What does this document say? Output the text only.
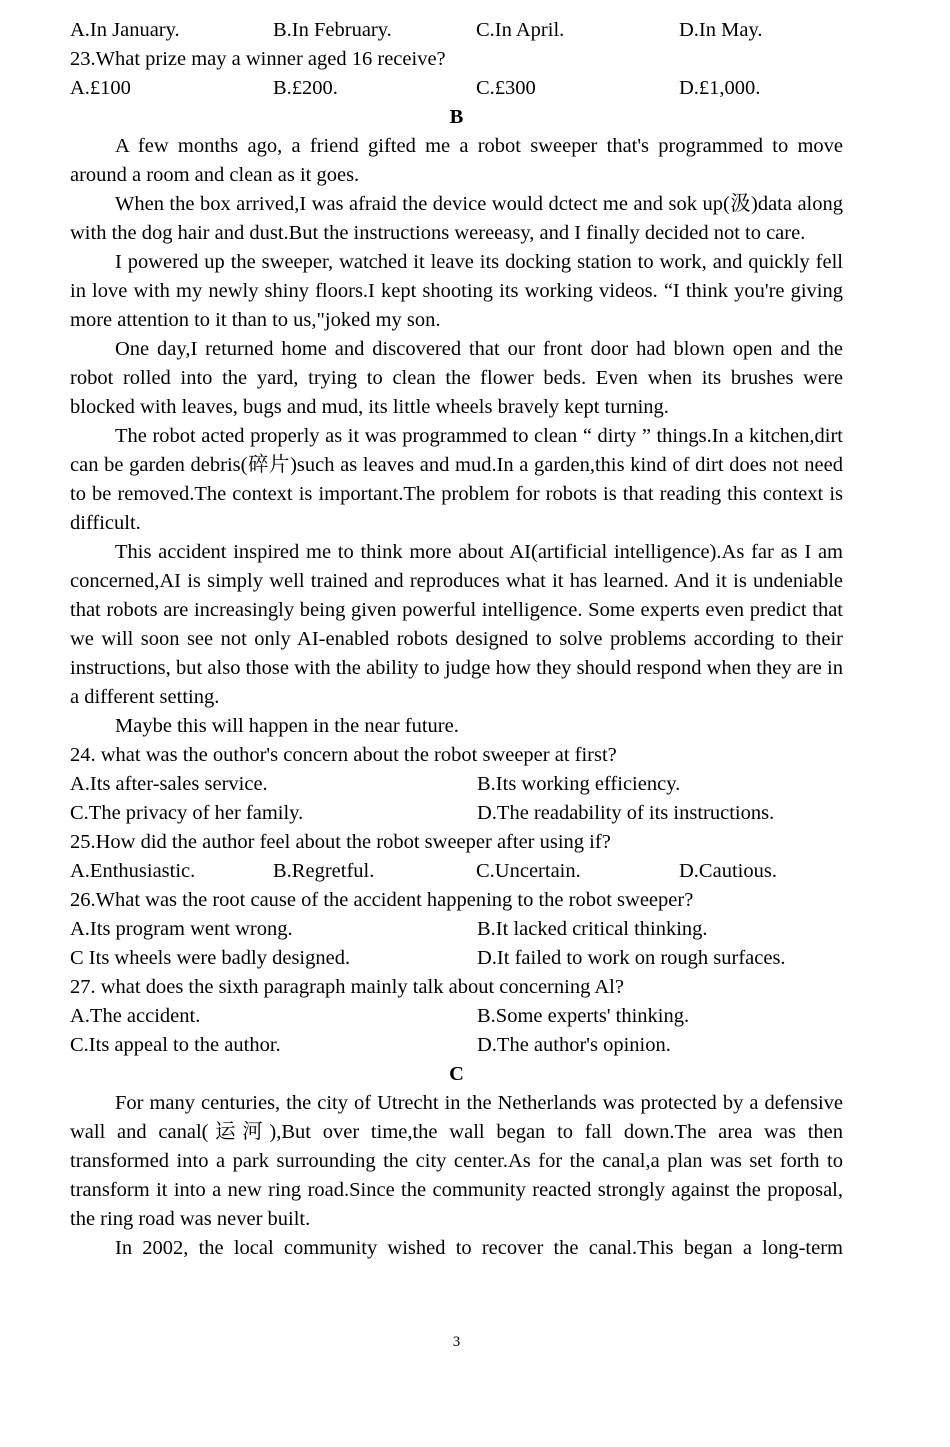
A.In January.	B.In February.	C.In April.	D.In May.
23.What prize may a winner aged 16 receive?
A.£100	B.£200.	C.£300	D.£1,000.
B

A few months ago, a friend gifted me a robot sweeper that's programmed to move around a room and clean as it goes.

When the box arrived,I was afraid the device would dctect me and sok up(汲)data along with the dog hair and dust.But the instructions wereeasy, and I finally decided not to care.

I powered up the sweeper, watched it leave its docking station to work, and quickly fell in love with my newly shiny floors.I kept shooting its working videos. “I think you're giving more attention to it than to us,"joked my son.

One day,I returned home and discovered that our front door had blown open and the robot rolled into the yard, trying to clean the flower beds. Even when its brushes were blocked with leaves, bugs and mud, its little wheels bravely kept turning.

The robot acted properly as it was programmed to clean “ dirty ” things.In a kitchen,dirt can be garden debris(碎片)such as leaves and mud.In a garden,this kind of dirt does not need to be removed.The context is important.The problem for robots is that reading this context is difficult.

This accident inspired me to think more about AI(artificial intelligence).As far as I am concerned,AI is simply well trained and reproduces what it has learned. And it is undeniable that robots are increasingly being given powerful intelligence. Some experts even predict that we will soon see not only AI-enabled robots designed to solve problems according to their instructions, but also those with the ability to judge how they should respond when they are in a different setting.

Maybe this will happen in the near future.

24. what was the outhor's concern about the robot sweeper at first?
A.Its after-sales service.	B.Its working efficiency.
C.The privacy of her family.	D.The readability of its instructions.
25.How did the author feel about the robot sweeper after using if?
A.Enthusiastic.	B.Regretful.	C.Uncertain.	D.Cautious.
26.What was the root cause of the accident happening to the robot sweeper?
A.Its program went wrong.	B.It lacked critical thinking.
C Its wheels were badly designed.	D.It failed to work on rough surfaces.
27. what does the sixth paragraph mainly talk about concerning Al?
A.The accident.	B.Some experts' thinking.
C.Its appeal to the author.	D.The author's opinion.
C

For many centuries, the city of Utrecht in the Netherlands was protected by a defensive wall and canal(运河),But over time,the wall began to fall down.The area was then transformed into a park surrounding the city center.As for the canal,a plan was set forth to transform it into a new ring road.Since the community reacted strongly against the proposal, the ring road was never built.

In 2002, the local community wished to recover the canal.This began a long-term

3
